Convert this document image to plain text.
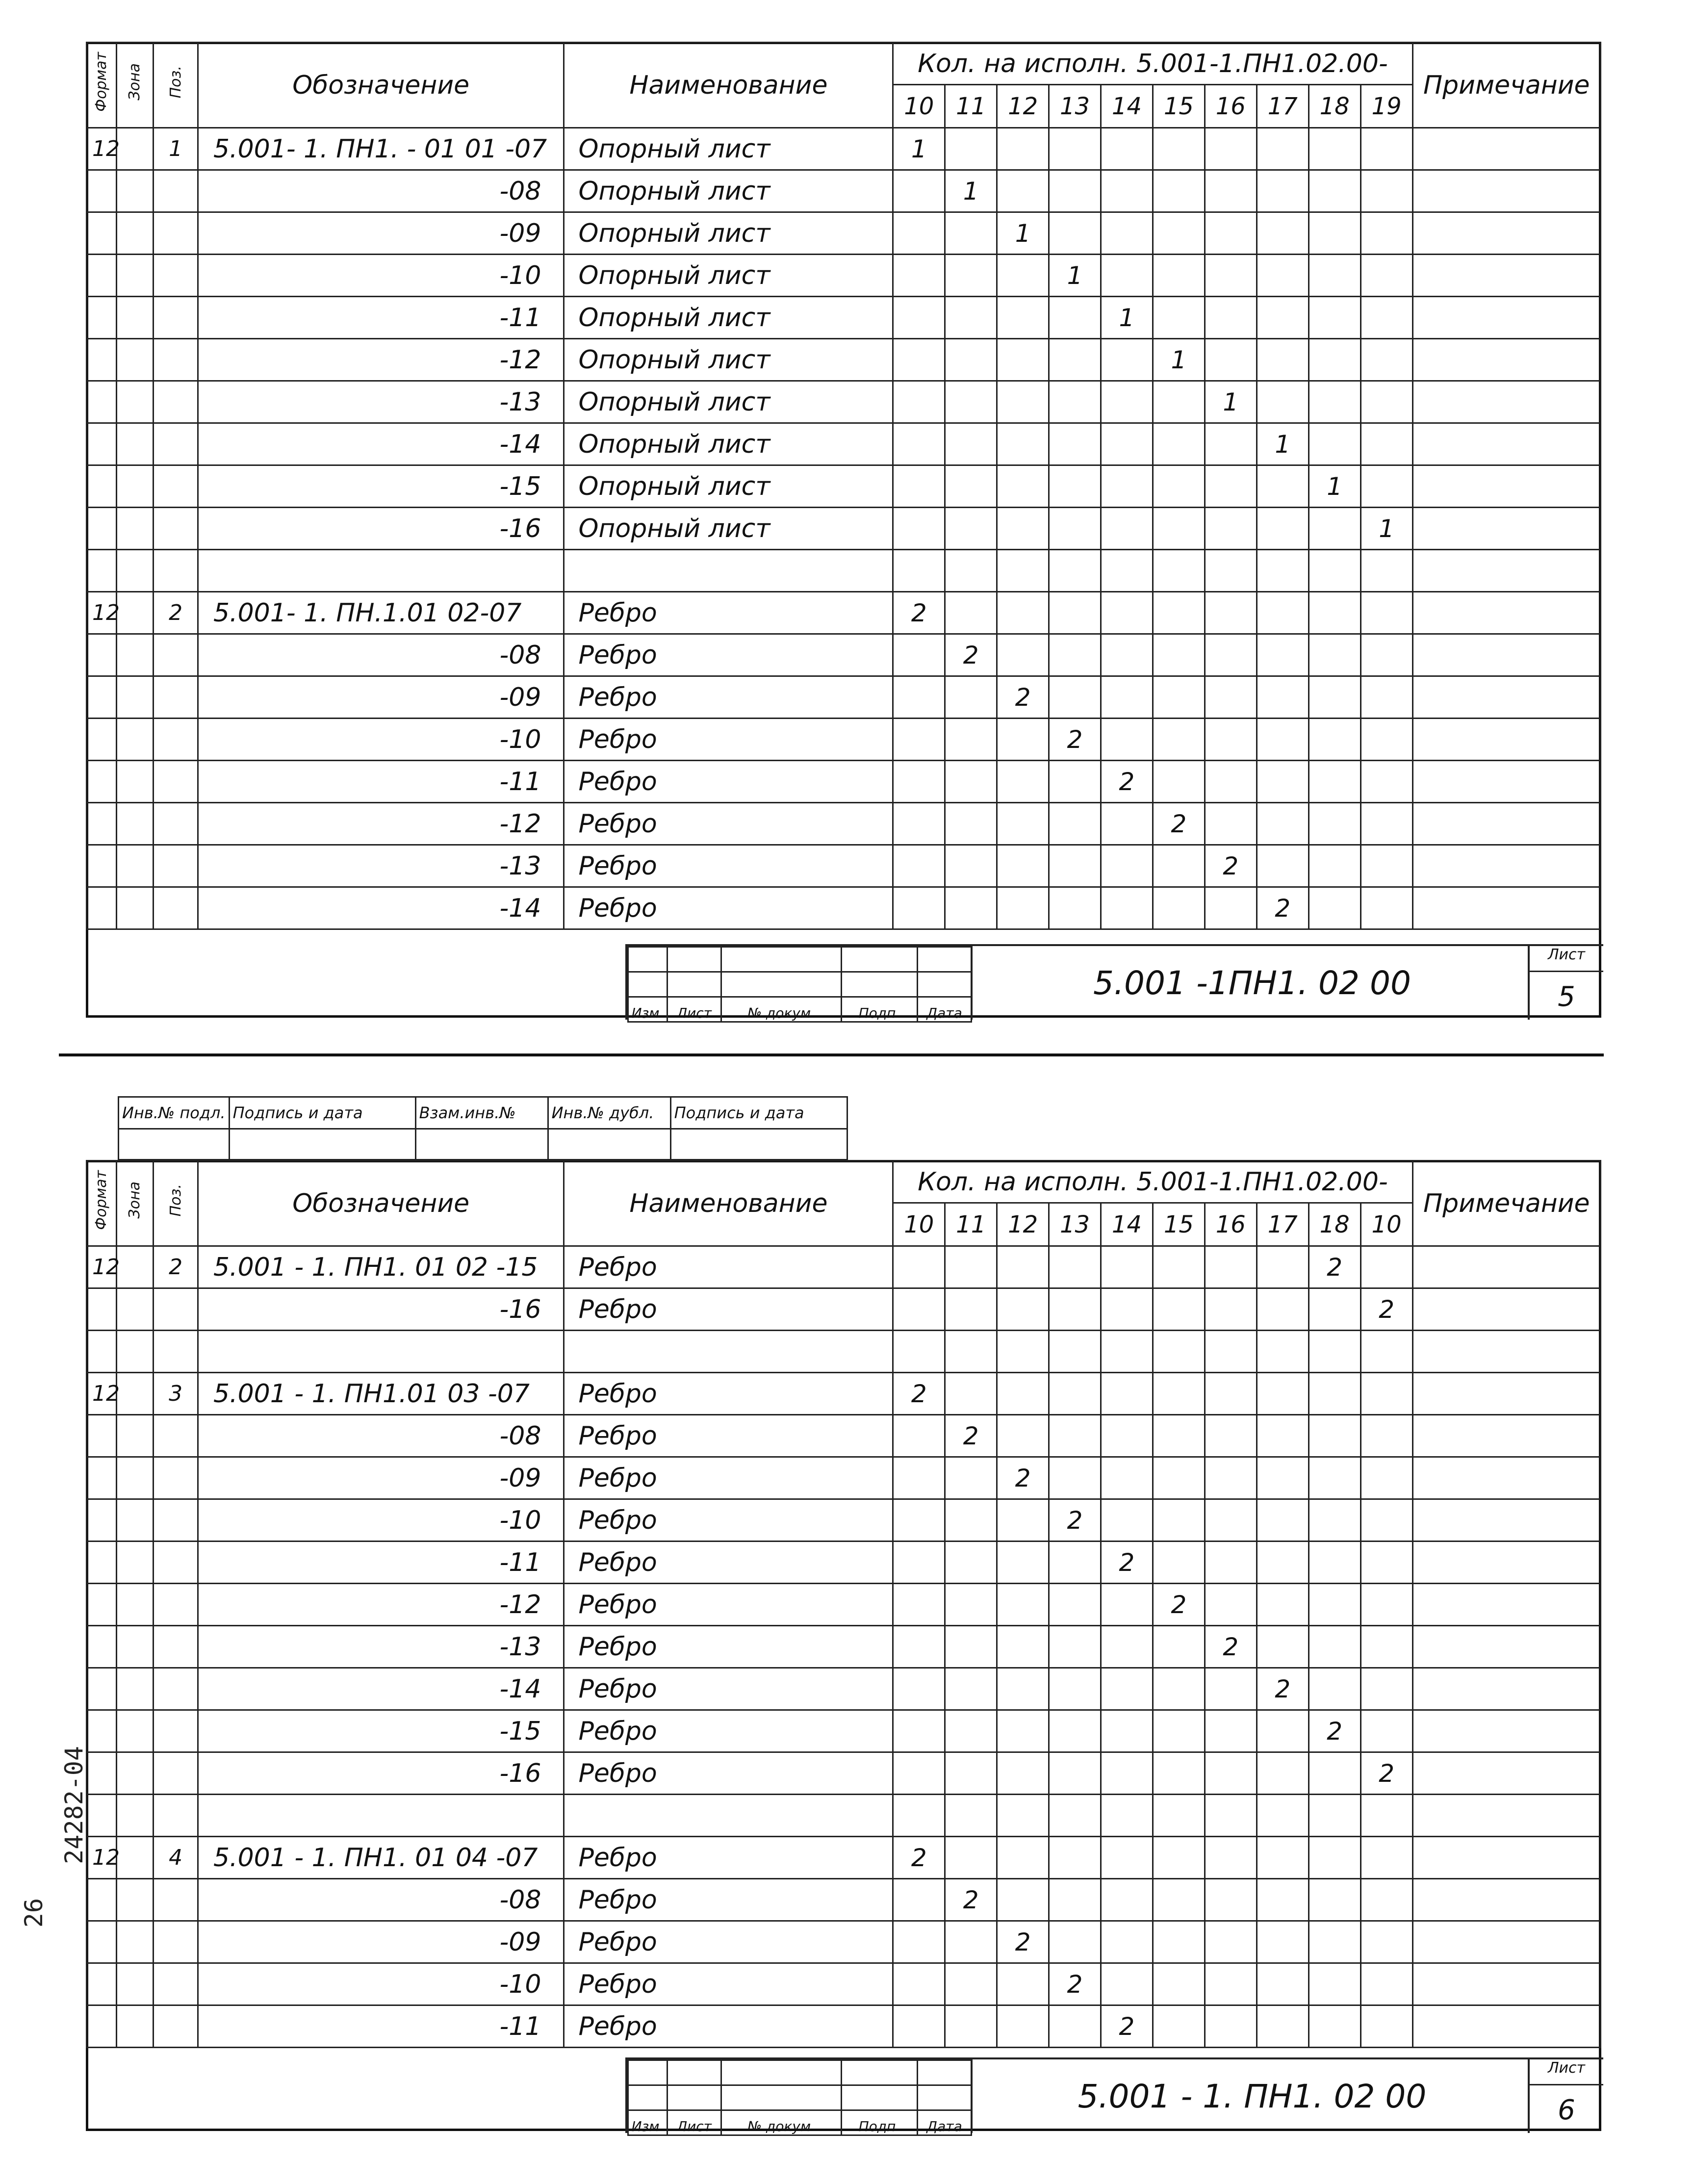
Формат	Зона	Поз.	Обозначение	Наименование	Кол. на исполн. 5.001-1.ПН1.02.00-										Примечание
					10	11	12	13	14	15	16	17	18	19	
12		1	5.001- 1. ПН1. - 01 01 -07	Опорный лист	1										
			-08	Опорный лист		1									
			-09	Опорный лист			1								
			-10	Опорный лист				1							
			-11	Опорный лист					1						
			-12	Опорный лист						1					
			-13	Опорный лист							1				
			-14	Опорный лист								1			
			-15	Опорный лист									1		
			-16	Опорный лист										1	

12		2	5.001- 1. ПН.1.01 02-07	Ребро	2										
			-08	Ребро		2									
			-09	Ребро			2								
			-10	Ребро				2							
			-11	Ребро					2						
			-12	Ребро						2					
			-13	Ребро							2				
			-14	Ребро								2			

Изм.	Лист	№ докум.	Подп.	Дата
5.001 -1ПН1. 02 00
Лист
5
Инв.№ подл.	Подпись и дата	Взам.инв.№	Инв.№ дубл.	Подпись и дата

Формат	Зона	Поз.	Обозначение	Наименование	Кол. на исполн. 5.001-1.ПН1.02.00-										Примечание
					10	11	12	13	14	15	16	17	18	10	
12		2	5.001 - 1. ПН1. 01 02 -15	Ребро									2		
			-16	Ребро										2	

12		3	5.001 - 1. ПН1.01 03 -07	Ребро	2										
			-08	Ребро		2									
			-09	Ребро			2								
			-10	Ребро				2							
			-11	Ребро					2						
			-12	Ребро						2					
			-13	Ребро							2				
			-14	Ребро								2			
			-15	Ребро									2		
			-16	Ребро										2	

12		4	5.001 - 1. ПН1. 01 04 -07	Ребро	2										
			-08	Ребро		2									
			-09	Ребро			2								
			-10	Ребро				2							
			-11	Ребро					2						

Изм.	Лист	№ докум.	Подп.	Дата
5.001 - 1. ПН1. 02 00
Лист
6
24282-04
26
